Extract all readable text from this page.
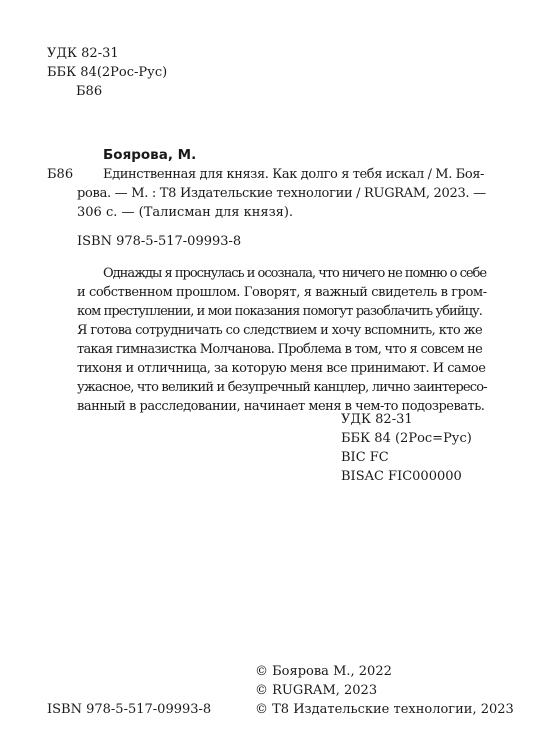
УДК 82-31
ББК 84(2Рос-Рус)
Б86
Боярова, М.
Б86	Единственная для князя. Как долго я тебя искал / М. Боя-
рова. — М. : Т8 Издательские технологии / RUGRAM, 2023. —
306 с. — (Талисман для князя).
ISBN 978-5-517-09993-8
Однажды я проснулась и осознала, что ничего не помню о себе
и собственном прошлом. Говорят, я важный свидетель в гром-
ком преступлении, и мои показания помогут разоблачить убийцу.
Я готова сотрудничать со следствием и хочу вспомнить, кто же
такая гимназистка Молчанова. Проблема в том, что я совсем не
тихоня и отличница, за которую меня все принимают. И самое
ужасное, что великий и безупречный канцлер, лично заинтересо-
ванный в расследовании, начинает меня в чем-то подозревать.
УДК 82-31
ББК 84 (2Рос=Рус)
BIC FC
BISAC FIC000000
ISBN 978-5-517-09993-8
© Боярова М., 2022
© RUGRAM, 2023
© Т8 Издательские технологии, 2023
